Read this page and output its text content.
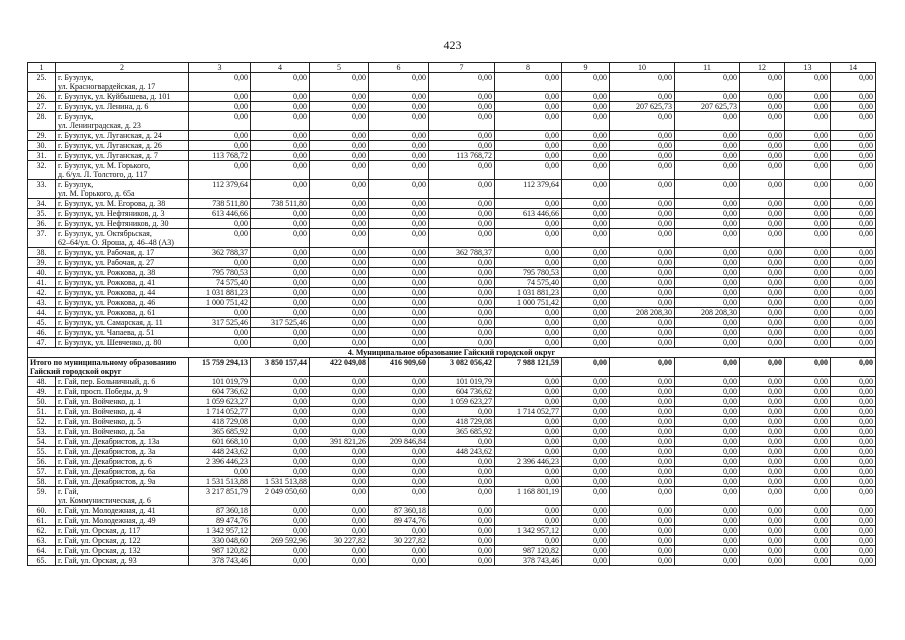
423
1	2	3	4	5	6	7	8	9	10	11	12	13	14
25.	г. Бузулук,
ул. Красногвардейская, д. 17	0,00	0,00	0,00	0,00	0,00	0,00	0,00	0,00	0,00	0,00	0,00	0,00
26.	г. Бузулук, ул. Куйбышева, д. 101	0,00	0,00	0,00	0,00	0,00	0,00	0,00	0,00	0,00	0,00	0,00	0,00
27.	г. Бузулук, ул. Ленина, д. 6	0,00	0,00	0,00	0,00	0,00	0,00	0,00	207 625,73	207 625,73	0,00	0,00	0,00
28.	г. Бузулук,
ул. Ленинградская, д. 23	0,00	0,00	0,00	0,00	0,00	0,00	0,00	0,00	0,00	0,00	0,00	0,00
29.	г. Бузулук, ул. Луганская, д. 24	0,00	0,00	0,00	0,00	0,00	0,00	0,00	0,00	0,00	0,00	0,00	0,00
30.	г. Бузулук, ул. Луганская, д. 26	0,00	0,00	0,00	0,00	0,00	0,00	0,00	0,00	0,00	0,00	0,00	0,00
31.	г. Бузулук, ул. Луганская, д. 7	113 768,72	0,00	0,00	0,00	113 768,72	0,00	0,00	0,00	0,00	0,00	0,00	0,00
32.	г. Бузулук, ул. М. Горького,
д. 6/ул. Л. Толстого, д. 117	0,00	0,00	0,00	0,00	0,00	0,00	0,00	0,00	0,00	0,00	0,00	0,00
33.	г. Бузулук,
ул. М. Горького, д. 65а	112 379,64	0,00	0,00	0,00	0,00	112 379,64	0,00	0,00	0,00	0,00	0,00	0,00
34.	г. Бузулук, ул. М. Егорова, д. 38	738 511,80	738 511,80	0,00	0,00	0,00	0,00	0,00	0,00	0,00	0,00	0,00	0,00
35.	г. Бузулук, ул. Нефтяников, д. 3	613 446,66	0,00	0,00	0,00	0,00	613 446,66	0,00	0,00	0,00	0,00	0,00	0,00
36.	г. Бузулук, ул. Нефтяников, д. 30	0,00	0,00	0,00	0,00	0,00	0,00	0,00	0,00	0,00	0,00	0,00	0,00
37.	г. Бузулук, ул. Октябрьская,
62–64/ул. О. Яроша, д. 46–48 (А3)	0,00	0,00	0,00	0,00	0,00	0,00	0,00	0,00	0,00	0,00	0,00	0,00
38.	г. Бузулук, ул. Рабочая, д. 17	362 788,37	0,00	0,00	0,00	362 788,37	0,00	0,00	0,00	0,00	0,00	0,00	0,00
39.	г. Бузулук, ул. Рабочая, д. 27	0,00	0,00	0,00	0,00	0,00	0,00	0,00	0,00	0,00	0,00	0,00	0,00
40.	г. Бузулук, ул. Рожкова, д. 38	795 780,53	0,00	0,00	0,00	0,00	795 780,53	0,00	0,00	0,00	0,00	0,00	0,00
41.	г. Бузулук, ул. Рожкова, д. 41	74 575,40	0,00	0,00	0,00	0,00	74 575,40	0,00	0,00	0,00	0,00	0,00	0,00
42.	г. Бузулук, ул. Рожкова, д. 44	1 031 881,23	0,00	0,00	0,00	0,00	1 031 881,23	0,00	0,00	0,00	0,00	0,00	0,00
43.	г. Бузулук, ул. Рожкова, д. 46	1 000 751,42	0,00	0,00	0,00	0,00	1 000 751,42	0,00	0,00	0,00	0,00	0,00	0,00
44.	г. Бузулук, ул. Рожкова, д. 61	0,00	0,00	0,00	0,00	0,00	0,00	0,00	208 208,30	208 208,30	0,00	0,00	0,00
45.	г. Бузулук, ул. Самарская, д. 11	317 525,46	317 525,46	0,00	0,00	0,00	0,00	0,00	0,00	0,00	0,00	0,00	0,00
46.	г. Бузулук, ул. Чапаева, д. 51	0,00	0,00	0,00	0,00	0,00	0,00	0,00	0,00	0,00	0,00	0,00	0,00
47.	г. Бузулук, ул. Шевченко, д. 80	0,00	0,00	0,00	0,00	0,00	0,00	0,00	0,00	0,00	0,00	0,00	0,00
4. Муниципальное образование Гайский городской округ													
Итого по муниципальному образованию Гайский городской округ		15 759 294,13	3 850 157,44	422 049,08	416 909,60	3 082 056,42	7 988 121,59	0,00	0,00	0,00	0,00	0,00	0,00
48.	г. Гай, пер. Больничный, д. 6	101 019,79	0,00	0,00	0,00	101 019,79	0,00	0,00	0,00	0,00	0,00	0,00	0,00
49.	г. Гай, просп. Победы, д. 9	604 736,62	0,00	0,00	0,00	604 736,62	0,00	0,00	0,00	0,00	0,00	0,00	0,00
50.	г. Гай, ул. Войченко, д. 1	1 059 623,27	0,00	0,00	0,00	1 059 623,27	0,00	0,00	0,00	0,00	0,00	0,00	0,00
51.	г. Гай, ул. Войченко, д. 4	1 714 052,77	0,00	0,00	0,00	0,00	1 714 052,77	0,00	0,00	0,00	0,00	0,00	0,00
52.	г. Гай, ул. Войченко, д. 5	418 729,08	0,00	0,00	0,00	418 729,08	0,00	0,00	0,00	0,00	0,00	0,00	0,00
53.	г. Гай, ул. Войченко, д. 5а	365 685,92	0,00	0,00	0,00	365 685,92	0,00	0,00	0,00	0,00	0,00	0,00	0,00
54.	г. Гай, ул. Декабристов, д. 13а	601 668,10	0,00	391 821,26	209 846,84	0,00	0,00	0,00	0,00	0,00	0,00	0,00	0,00
55.	г. Гай, ул. Декабристов, д. 3а	448 243,62	0,00	0,00	0,00	448 243,62	0,00	0,00	0,00	0,00	0,00	0,00	0,00
56.	г. Гай, ул. Декабристов, д. 6	2 396 446,23	0,00	0,00	0,00	0,00	2 396 446,23	0,00	0,00	0,00	0,00	0,00	0,00
57.	г. Гай, ул. Декабристов, д. 6а	0,00	0,00	0,00	0,00	0,00	0,00	0,00	0,00	0,00	0,00	0,00	0,00
58.	г. Гай, ул. Декабристов, д. 9а	1 531 513,88	1 531 513,88	0,00	0,00	0,00	0,00	0,00	0,00	0,00	0,00	0,00	0,00
59.	г. Гай,
ул. Коммунистическая, д. 6	3 217 851,79	2 049 050,60	0,00	0,00	0,00	1 168 801,19	0,00	0,00	0,00	0,00	0,00	0,00
60.	г. Гай, ул. Молодежная, д. 41	87 360,18	0,00	0,00	87 360,18	0,00	0,00	0,00	0,00	0,00	0,00	0,00	0,00
61.	г. Гай, ул. Молодежная, д. 49	89 474,76	0,00	0,00	89 474,76	0,00	0,00	0,00	0,00	0,00	0,00	0,00	0,00
62.	г. Гай, ул. Орская, д. 117	1 342 957,12	0,00	0,00	0,00	0,00	1 342 957,12	0,00	0,00	0,00	0,00	0,00	0,00
63.	г. Гай, ул. Орская, д. 122	330 048,60	269 592,96	30 227,82	30 227,82	0,00	0,00	0,00	0,00	0,00	0,00	0,00	0,00
64.	г. Гай, ул. Орская, д. 132	987 120,82	0,00	0,00	0,00	0,00	987 120,82	0,00	0,00	0,00	0,00	0,00	0,00
65.	г. Гай, ул. Орская, д. 93	378 743,46	0,00	0,00	0,00	0,00	378 743,46	0,00	0,00	0,00	0,00	0,00	0,00
